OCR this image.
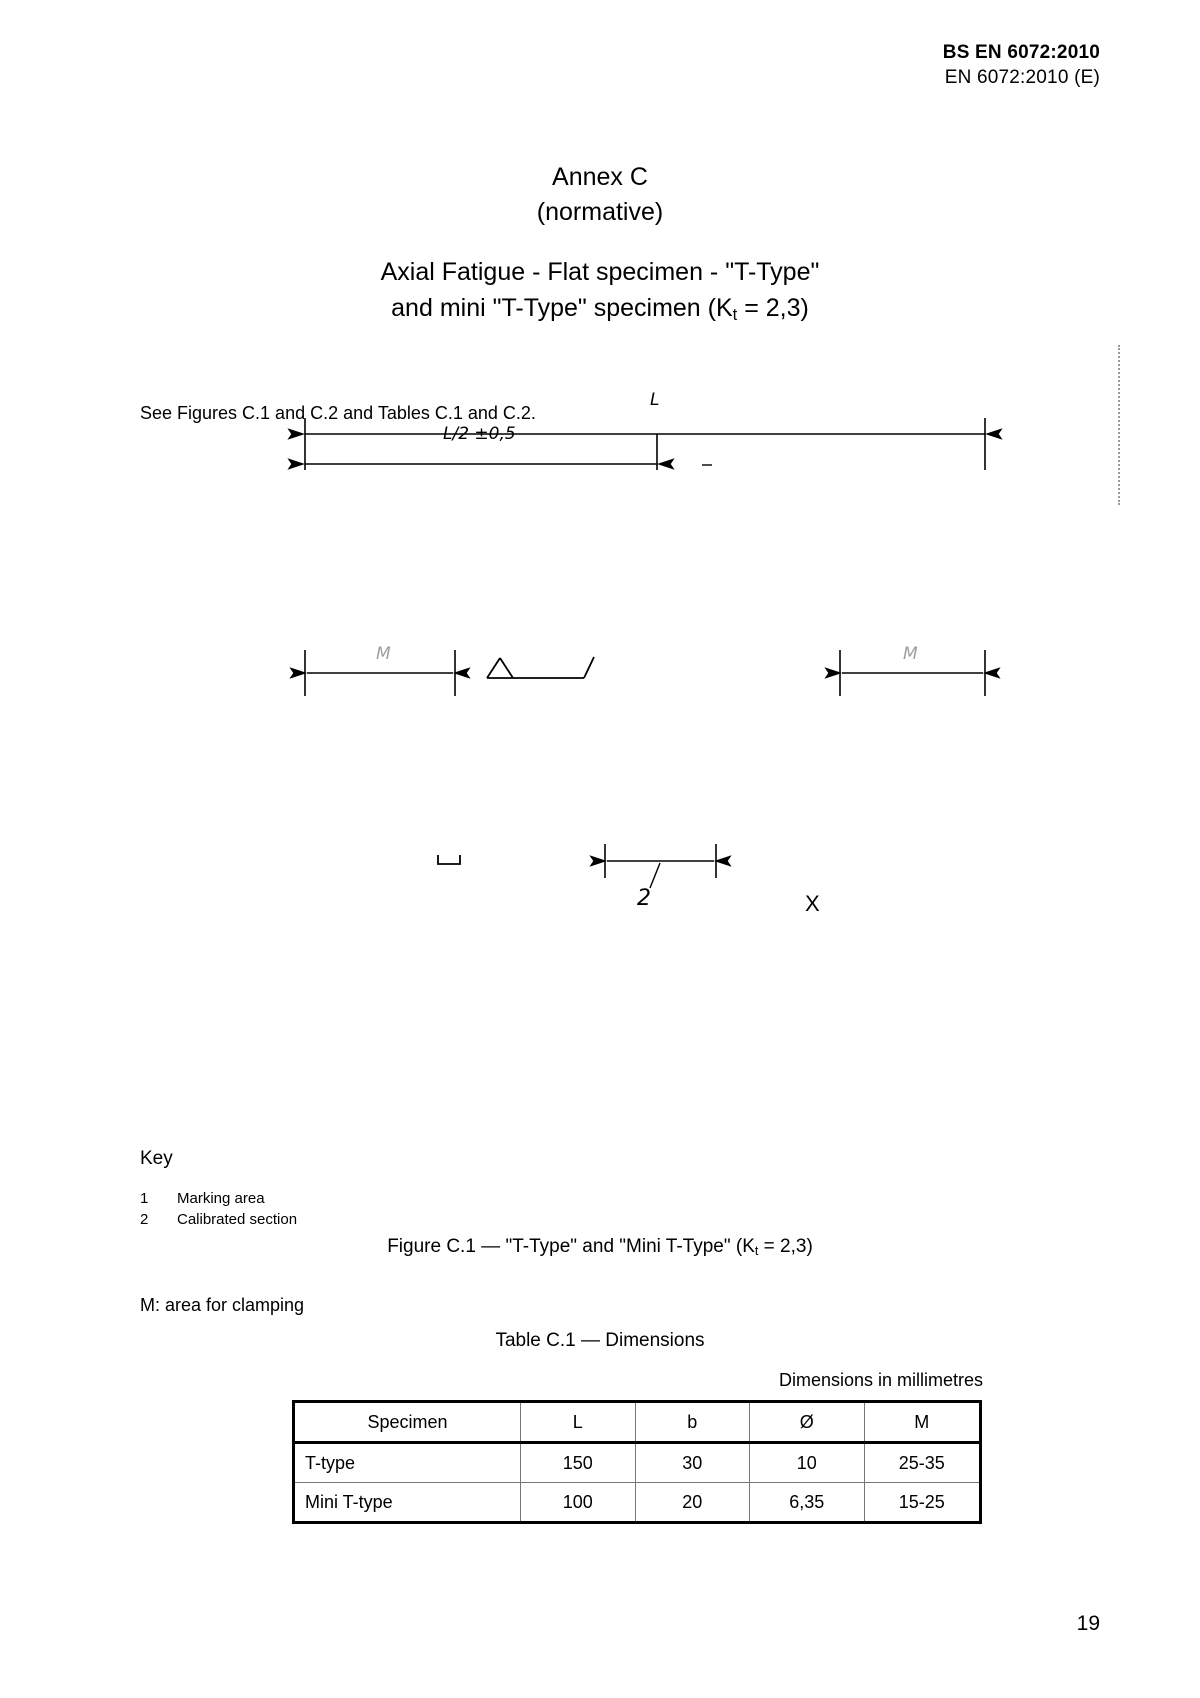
BS EN 6072:2010
EN 6072:2010 (E)
Annex C
(normative)
Axial Fatigue - Flat specimen - "T-Type"
and mini "T-Type" specimen $(K_t = 2,3)$
See Figures C.1 and C.2 and Tables C.1 and C.2.
L
L/2 ±0,5
M	M
2	X
Key
1	Marking area
2	Calibrated section
Figure C.1 — "T-Type" and "Mini T-Type" $(K_t = 2,3)$
M: area for clamping
Table C.1 — Dimensions
Dimensions in millimetres
Specimen	L	b	Ø	M
T-type	150	30	10	25-35
Mini T-type	100	20	6,35	15-25
19
